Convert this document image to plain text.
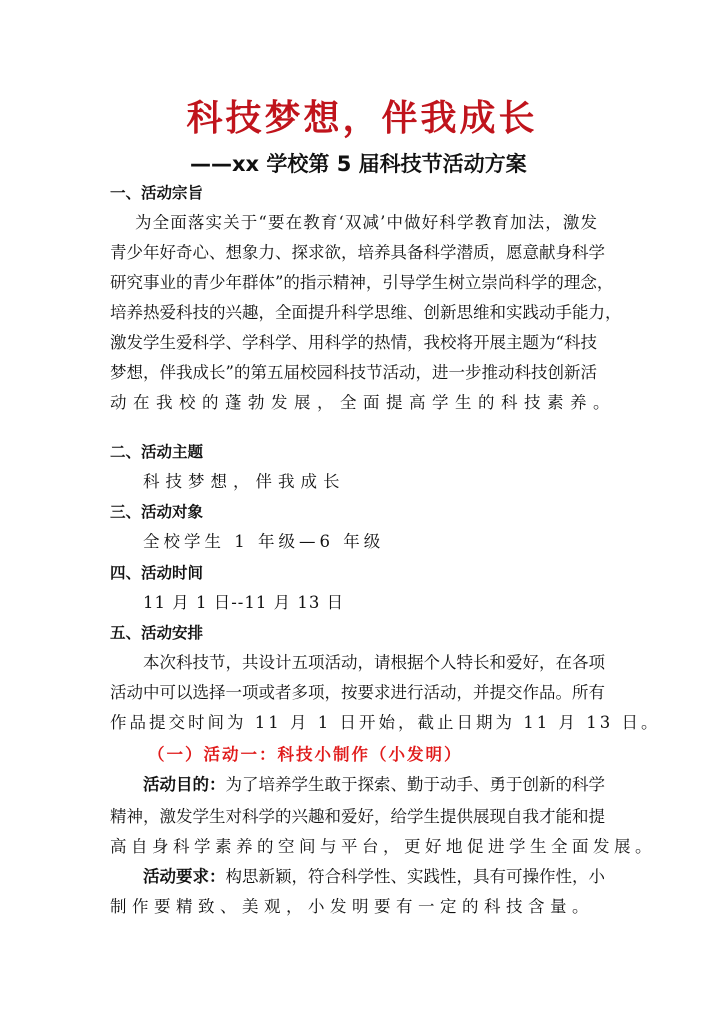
科技梦想，伴我成长
——xx 学校第 5 届科技节活动方案
一、活动宗旨
为全面落实关于“要在教育‘双减’中做好科学教育加法，激发
青少年好奇心、想象力、探求欲，培养具备科学潜质，愿意献身科学
研究事业的青少年群体”的指示精神，引导学生树立崇尚科学的理念，
培养热爱科技的兴趣，全面提升科学思维、创新思维和实践动手能力，
激发学生爱科学、学科学、用科学的热情，我校将开展主题为“科技
梦想，伴我成长”的第五届校园科技节活动，进一步推动科技创新活
动在我校的蓬勃发展，全面提高学生的科技素养。
二、活动主题
科技梦想，伴我成长
三、活动对象
全校学生 1 年级—6 年级
四、活动时间
11 月 1 日--11 月 13 日
五、活动安排
本次科技节，共设计五项活动，请根据个人特长和爱好，在各项
活动中可以选择一项或者多项，按要求进行活动，并提交作品。所有
作品提交时间为 11 月 1 日开始，截止日期为 11 月 13 日。
（一）活动一：科技小制作（小发明）
活动目的： 为了培养学生敢于探索、勤于动手、勇于创新的科学
精神，激发学生对科学的兴趣和爱好，给学生提供展现自我才能和提
高自身科学素养的空间与平台，更好地促进学生全面发展。
活动要求： 构思新颖，符合科学性、实践性，具有可操作性，小
制作要精致、美观，小发明要有一定的科技含量。
